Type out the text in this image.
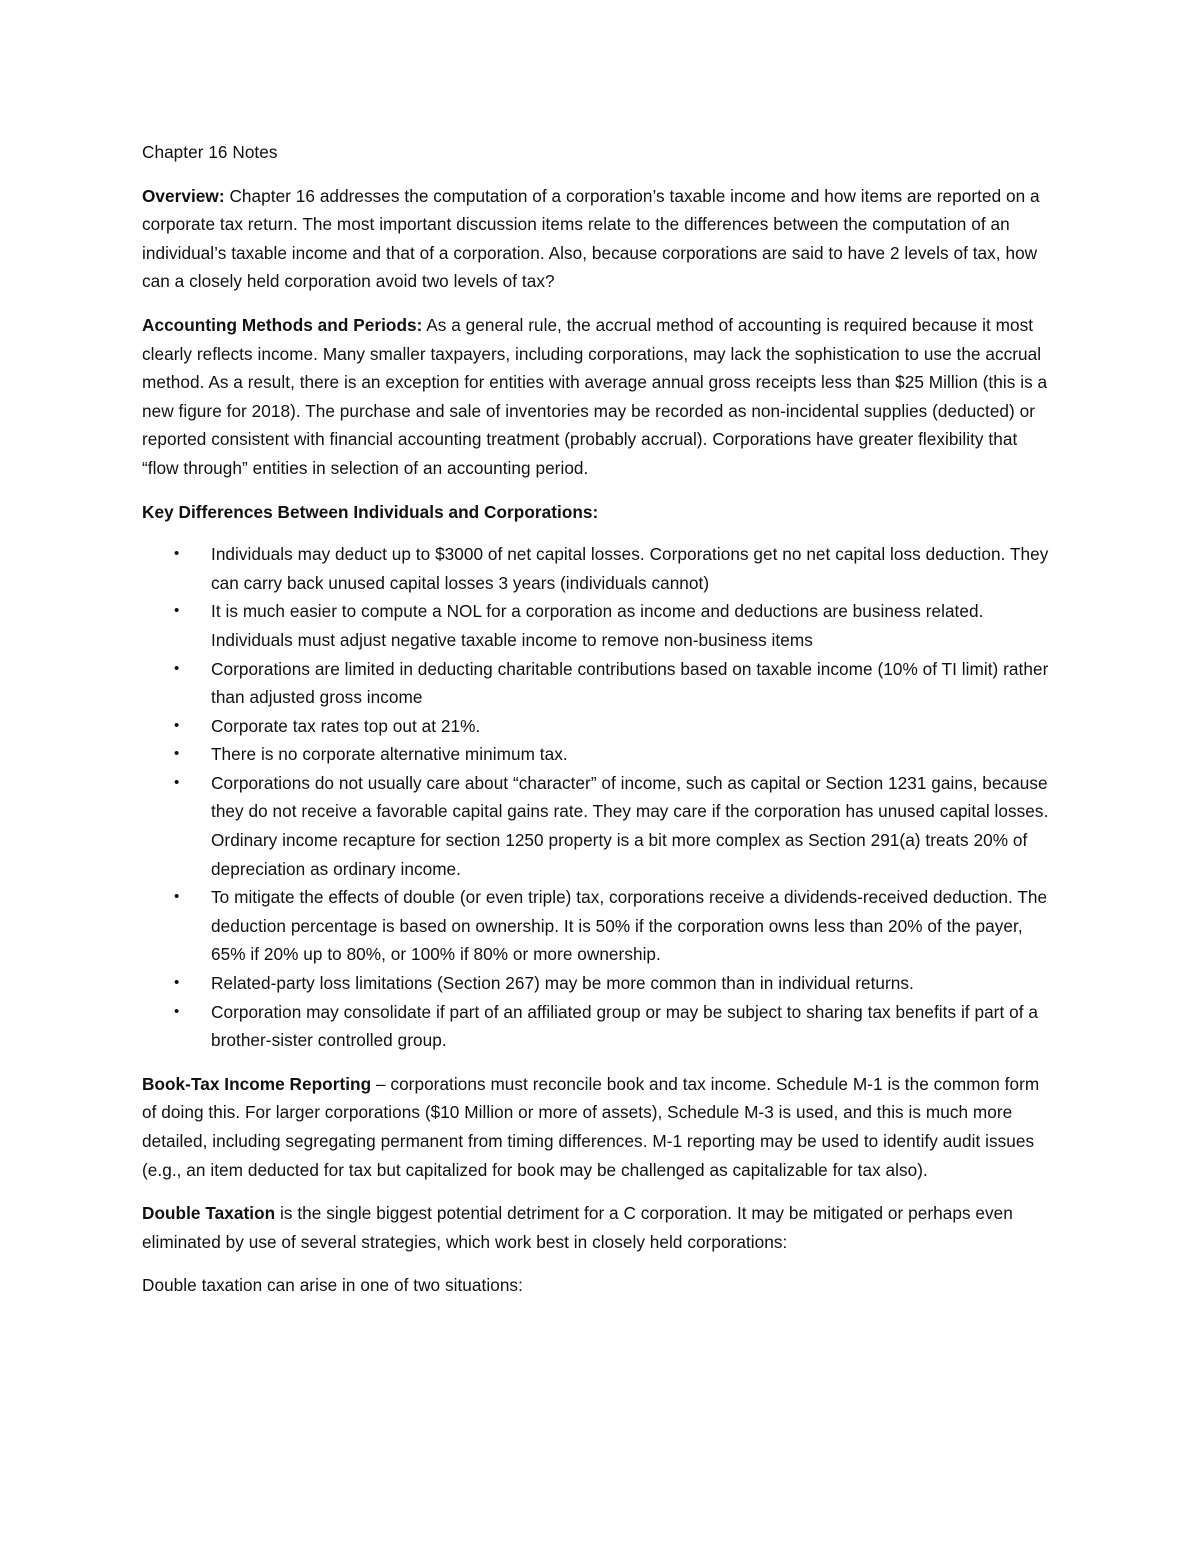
Chapter 16 Notes

Overview: Chapter 16 addresses the computation of a corporation’s taxable income and how items are reported on a corporate tax return. The most important discussion items relate to the differences between the computation of an individual’s taxable income and that of a corporation. Also, because corporations are said to have 2 levels of tax, how can a closely held corporation avoid two levels of tax?

Accounting Methods and Periods: As a general rule, the accrual method of accounting is required because it most clearly reflects income. Many smaller taxpayers, including corporations, may lack the sophistication to use the accrual method. As a result, there is an exception for entities with average annual gross receipts less than $25 Million (this is a new figure for 2018). The purchase and sale of inventories may be recorded as non-incidental supplies (deducted) or reported consistent with financial accounting treatment (probably accrual). Corporations have greater flexibility that “flow through” entities in selection of an accounting period.

Key Differences Between Individuals and Corporations:

• Individuals may deduct up to $3000 of net capital losses. Corporations get no net capital loss deduction. They can carry back unused capital losses 3 years (individuals cannot)
• It is much easier to compute a NOL for a corporation as income and deductions are business related. Individuals must adjust negative taxable income to remove non-business items
• Corporations are limited in deducting charitable contributions based on taxable income (10% of TI limit) rather than adjusted gross income
• Corporate tax rates top out at 21%.
• There is no corporate alternative minimum tax.
• Corporations do not usually care about “character” of income, such as capital or Section 1231 gains, because they do not receive a favorable capital gains rate. They may care if the corporation has unused capital losses. Ordinary income recapture for section 1250 property is a bit more complex as Section 291(a) treats 20% of depreciation as ordinary income.
• To mitigate the effects of double (or even triple) tax, corporations receive a dividends-received deduction. The deduction percentage is based on ownership. It is 50% if the corporation owns less than 20% of the payer, 65% if 20% up to 80%, or 100% if 80% or more ownership.
• Related-party loss limitations (Section 267) may be more common than in individual returns.
• Corporation may consolidate if part of an affiliated group or may be subject to sharing tax benefits if part of a brother-sister controlled group.

Book-Tax Income Reporting – corporations must reconcile book and tax income. Schedule M-1 is the common form of doing this. For larger corporations ($10 Million or more of assets), Schedule M-3 is used, and this is much more detailed, including segregating permanent from timing differences. M-1 reporting may be used to identify audit issues (e.g., an item deducted for tax but capitalized for book may be challenged as capitalizable for tax also).

Double Taxation is the single biggest potential detriment for a C corporation. It may be mitigated or perhaps even eliminated by use of several strategies, which work best in closely held corporations:

Double taxation can arise in one of two situations:
